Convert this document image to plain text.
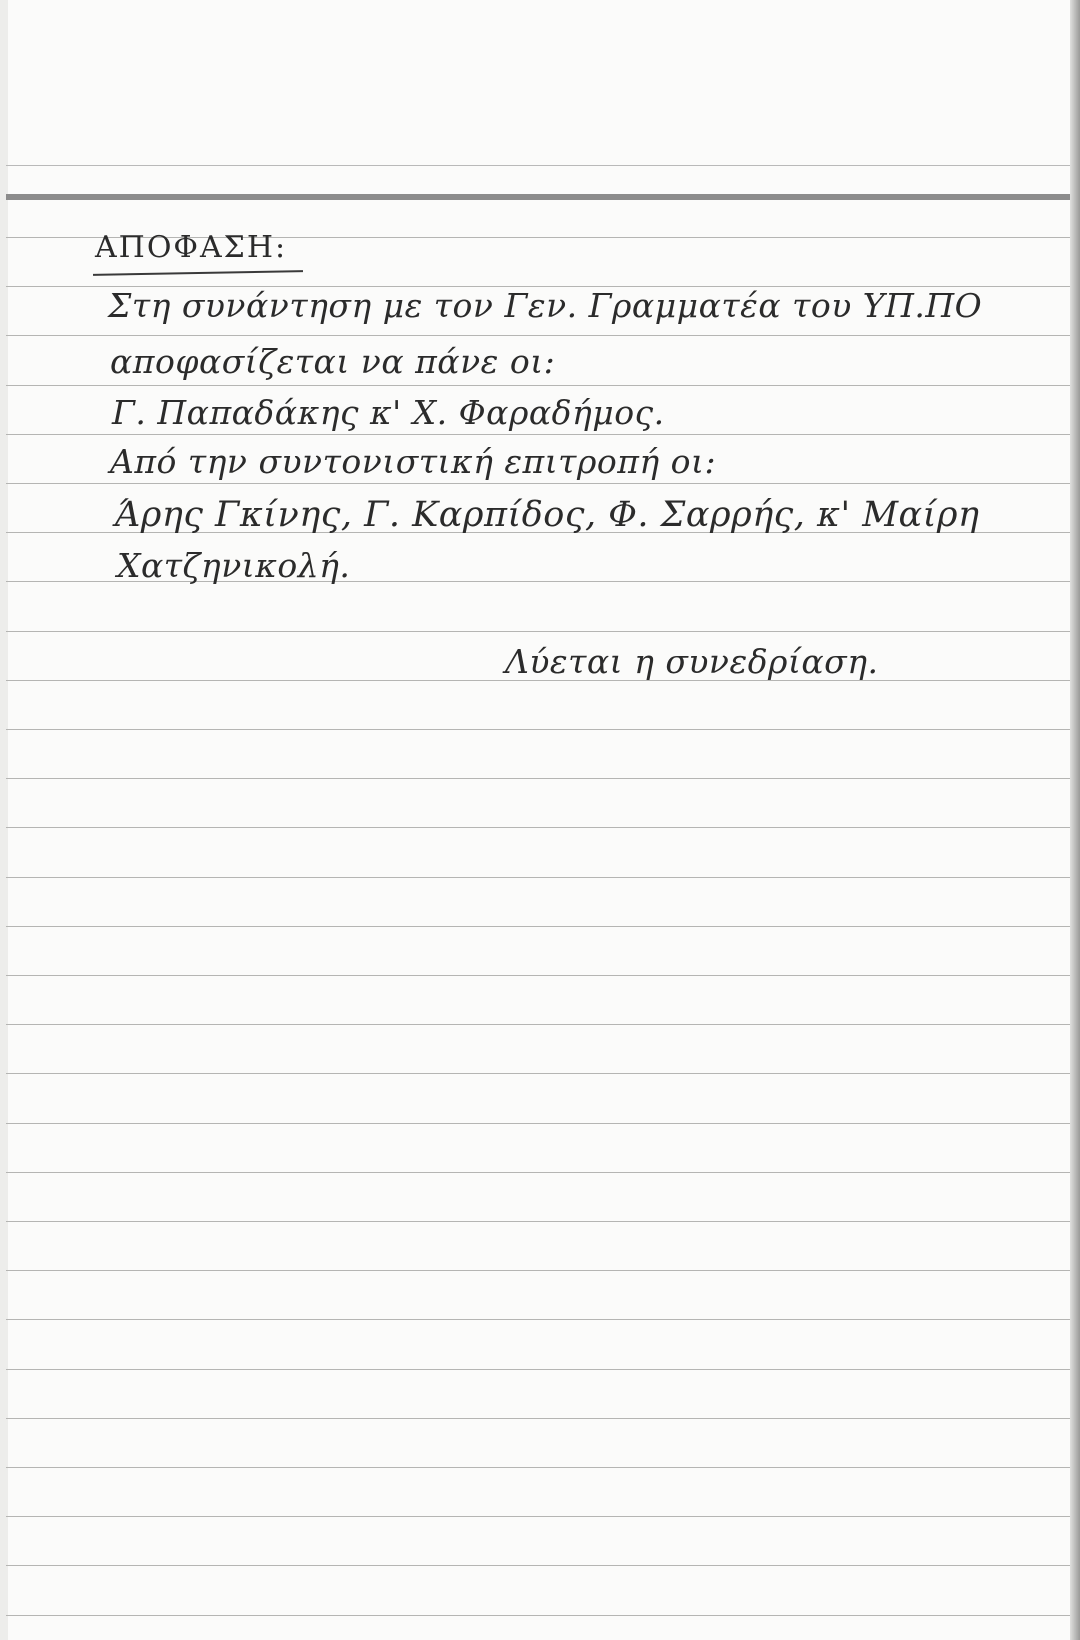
ΑΠΟΦΑΣΗ:
Στη συνάντηση με τον Γεν. Γραμματέα του ΥΠ.ΠΟ
αποφασίζεται να πάνε οι:
Γ. Παπαδάκης κ' Χ. Φαραδήμος.
Από την συντονιστική επιτροπή οι:
Άρης Γκίνης, Γ. Καρπίδος, Φ. Σαρρής, κ' Μαίρη
Χατζηνικολή.
Λύεται η συνεδρίαση.
